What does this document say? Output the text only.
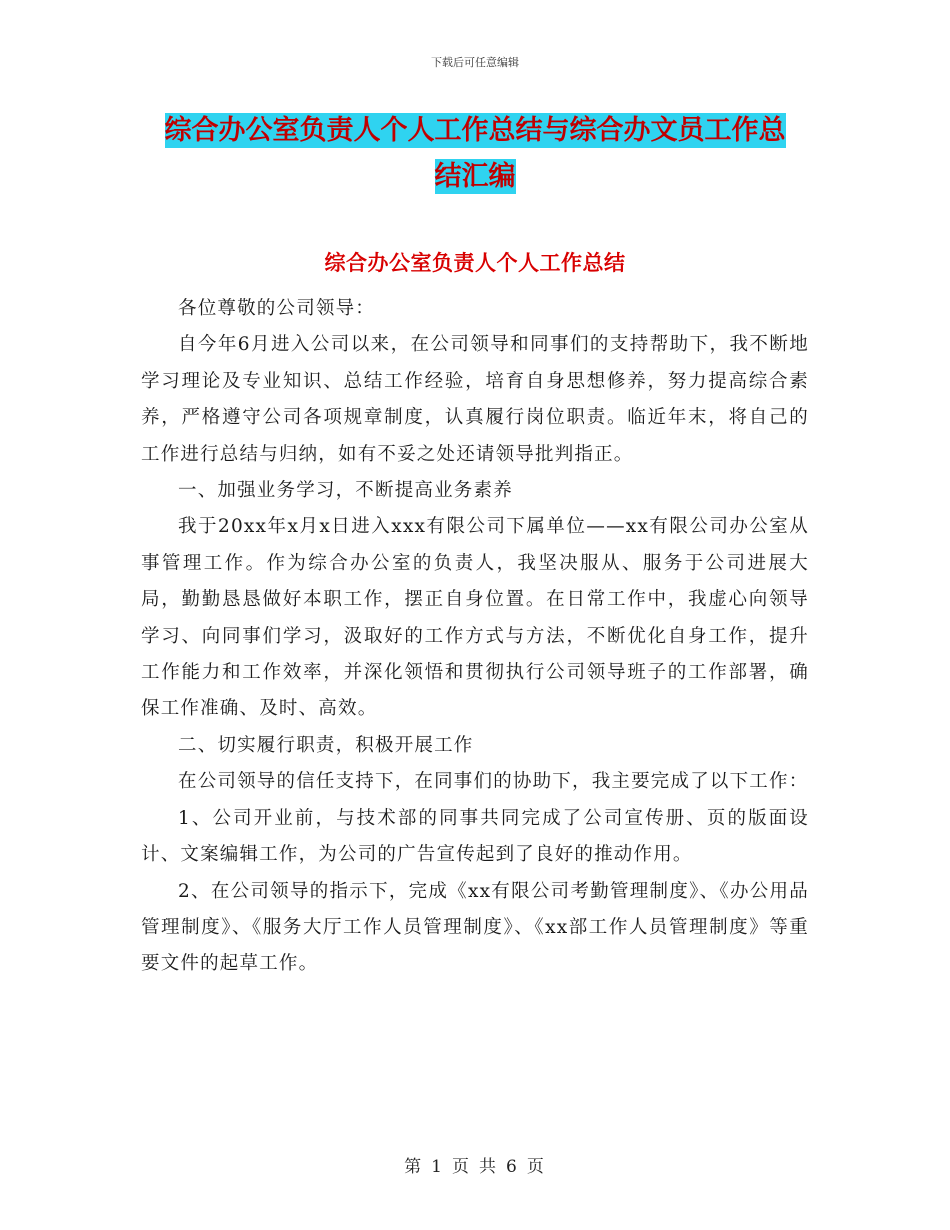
下载后可任意编辑
综合办公室负责人个人工作总结与综合办文员工作总
结汇编
综合办公室负责人个人工作总结

各位尊敬的公司领导：

自今年6月进入公司以来，在公司领导和同事们的支持帮助下，我不断地学习理论及专业知识、总结工作经验，培育自身思想修养，努力提高综合素养，严格遵守公司各项规章制度，认真履行岗位职责。临近年末，将自己的工作进行总结与归纳，如有不妥之处还请领导批判指正。

一、加强业务学习，不断提高业务素养

我于20xx年x月x日进入xxx有限公司下属单位——xx有限公司办公室从事管理工作。作为综合办公室的负责人，我坚决服从、服务于公司进展大局，勤勤恳恳做好本职工作，摆正自身位置。在日常工作中，我虚心向领导学习、向同事们学习，汲取好的工作方式与方法，不断优化自身工作，提升工作能力和工作效率，并深化领悟和贯彻执行公司领导班子的工作部署，确保工作准确、及时、高效。

二、切实履行职责，积极开展工作

在公司领导的信任支持下，在同事们的协助下，我主要完成了以下工作：

1、公司开业前，与技术部的同事共同完成了公司宣传册、页的版面设计、文案编辑工作，为公司的广告宣传起到了良好的推动作用。

2、在公司领导的指示下，完成《xx有限公司考勤管理制度》、《办公用品管理制度》、《服务大厅工作人员管理制度》、《xx部工作人员管理制度》等重要文件的起草工作。

第 1 页 共 6 页
